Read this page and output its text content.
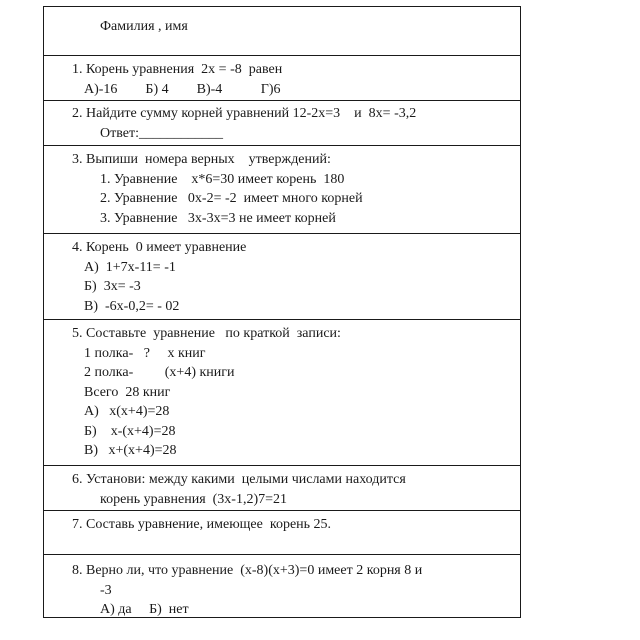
Фамилия , имя
1. Корень уравнения  2х = -8  равен
А)-16        Б) 4        В)-4           Г)6
2. Найдите сумму корней уравнений 12-2х=3    и  8х= -3,2
Ответ:____________
3. Выпиши  номера верных    утверждений:
1. Уравнение    х*6=30 имеет корень  180
2. Уравнение   0х-2= -2  имеет много корней
3. Уравнение   3х-3х=3 не имеет корней
4. Корень  0 имеет уравнение
А)  1+7х-11= -1
Б)  3х= -3
В)  -6х-0,2= - 02
5. Составьте  уравнение   по краткой  записи:
1 полка-   ?     х книг
2 полка-         (х+4) книги
Всего  28 книг
А)   х(х+4)=28
Б)    х-(х+4)=28
В)   х+(х+4)=28
6. Установи: между какими  целыми числами находится
корень уравнения  (3х-1,2)7=21
7. Составь уравнение, имеющее  корень 25.
8. Верно ли, что уравнение  (х-8)(х+3)=0 имеет 2 корня 8 и
-3
А) да     Б)  нет
